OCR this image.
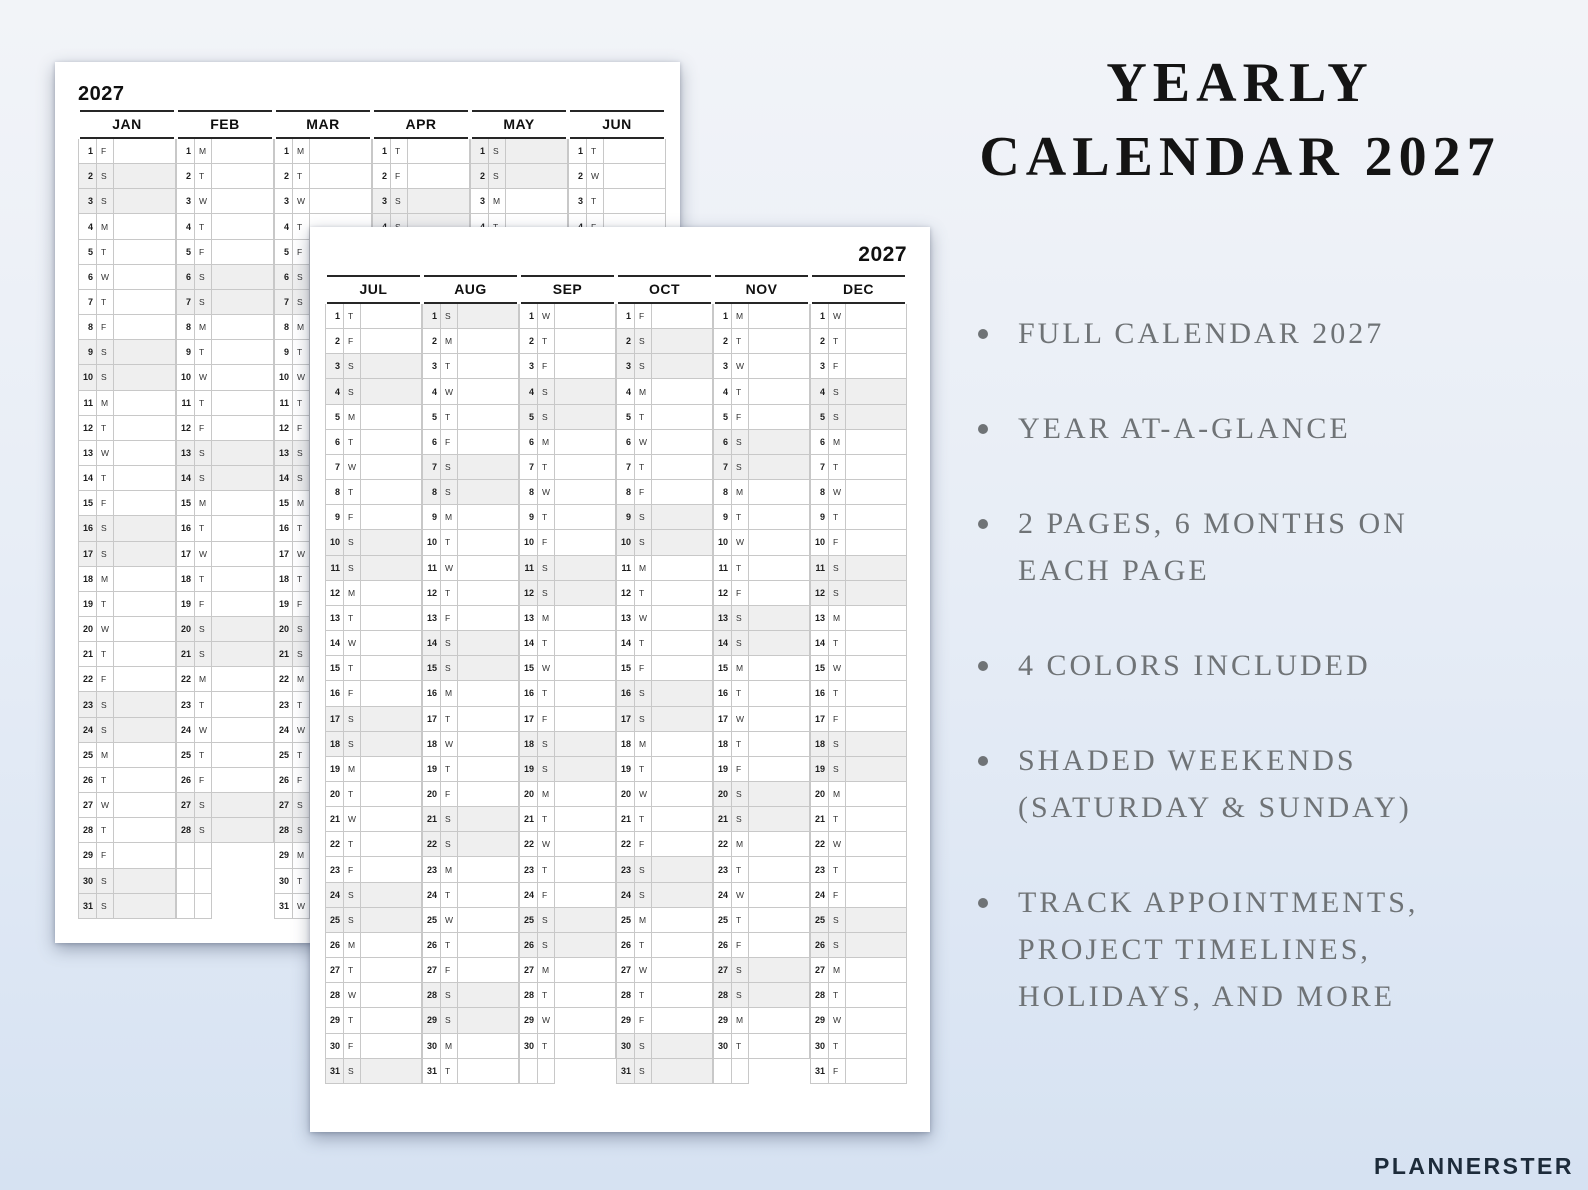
2027
JAN
1 F
2 S
3 S
4 M
5 T
6 W
7 T
8 F
9 S
10 S
11 M
12 T
13 W
14 T
15 F
16 S
17 S
18 M
19 T
20 W
21 T
22 F
23 S
24 S
25 M
26 T
27 W
28 T
29 F
30 S
31 S
FEB
1 M
2 T
3 W
4 T
5 F
6 S
7 S
8 M
9 T
10 W
11 T
12 F
13 S
14 S
15 M
16 T
17 W
18 T
19 F
20 S
21 S
22 M
23 T
24 W
25 T
26 F
27 S
28 S
MAR
1 M
2 T
3 W
4 T
5 F
6 S
7 S
8 M
9 T
10 W
11 T
12 F
13 S
14 S
15 M
16 T
17 W
18 T
19 F
20 S
21 S
22 M
23 T
24 W
25 T
26 F
27 S
28 S
29 M
30 T
31 W
APR
1 T
2 F
3 S
MAY
1 S
2 S
3 M
JUN
1 T
2 W
3 T
2027
JUL
1 T
2 F
3 S
4 S
5 M
6 T
7 W
8 T
9 F
10 S
11 S
12 M
13 T
14 W
15 T
16 F
17 S
18 S
19 M
20 T
21 W
22 T
23 F
24 S
25 S
26 M
27 T
28 W
29 T
30 F
31 S
AUG
1 S
2 M
3 T
4 W
5 T
6 F
7 S
8 S
9 M
10 T
11 W
12 T
13 F
14 S
15 S
16 M
17 T
18 W
19 T
20 F
21 S
22 S
23 M
24 T
25 W
26 T
27 F
28 S
29 S
30 M
31 T
SEP
1 W
2 T
3 F
4 S
5 S
6 M
7 T
8 W
9 T
10 F
11 S
12 S
13 M
14 T
15 W
16 T
17 F
18 S
19 S
20 M
21 T
22 W
23 T
24 F
25 S
26 S
27 M
28 T
29 W
30 T
OCT
1 F
2 S
3 S
4 M
5 T
6 W
7 T
8 F
9 S
10 S
11 M
12 T
13 W
14 T
15 F
16 S
17 S
18 M
19 T
20 W
21 T
22 F
23 S
24 S
25 M
26 T
27 W
28 T
29 F
30 S
31 S
NOV
1 M
2 T
3 W
4 T
5 F
6 S
7 S
8 M
9 T
10 W
11 T
12 F
13 S
14 S
15 M
16 T
17 W
18 T
19 F
20 S
21 S
22 M
23 T
24 W
25 T
26 F
27 S
28 S
29 M
30 T
DEC
1 W
2 T
3 F
4 S
5 S
6 M
7 T
8 W
9 T
10 F
11 S
12 S
13 M
14 T
15 W
16 T
17 F
18 S
19 S
20 M
21 T
22 W
23 T
24 F
25 S
26 S
27 M
28 T
29 W
30 T
31 F
YEARLY
CALENDAR 2027
FULL CALENDAR 2027
YEAR AT-A-GLANCE
2 PAGES, 6 MONTHS ON EACH PAGE
4 COLORS INCLUDED
SHADED WEEKENDS (SATURDAY & SUNDAY)
TRACK APPOINTMENTS, PROJECT TIMELINES, HOLIDAYS, AND MORE
PLANNERSTER
